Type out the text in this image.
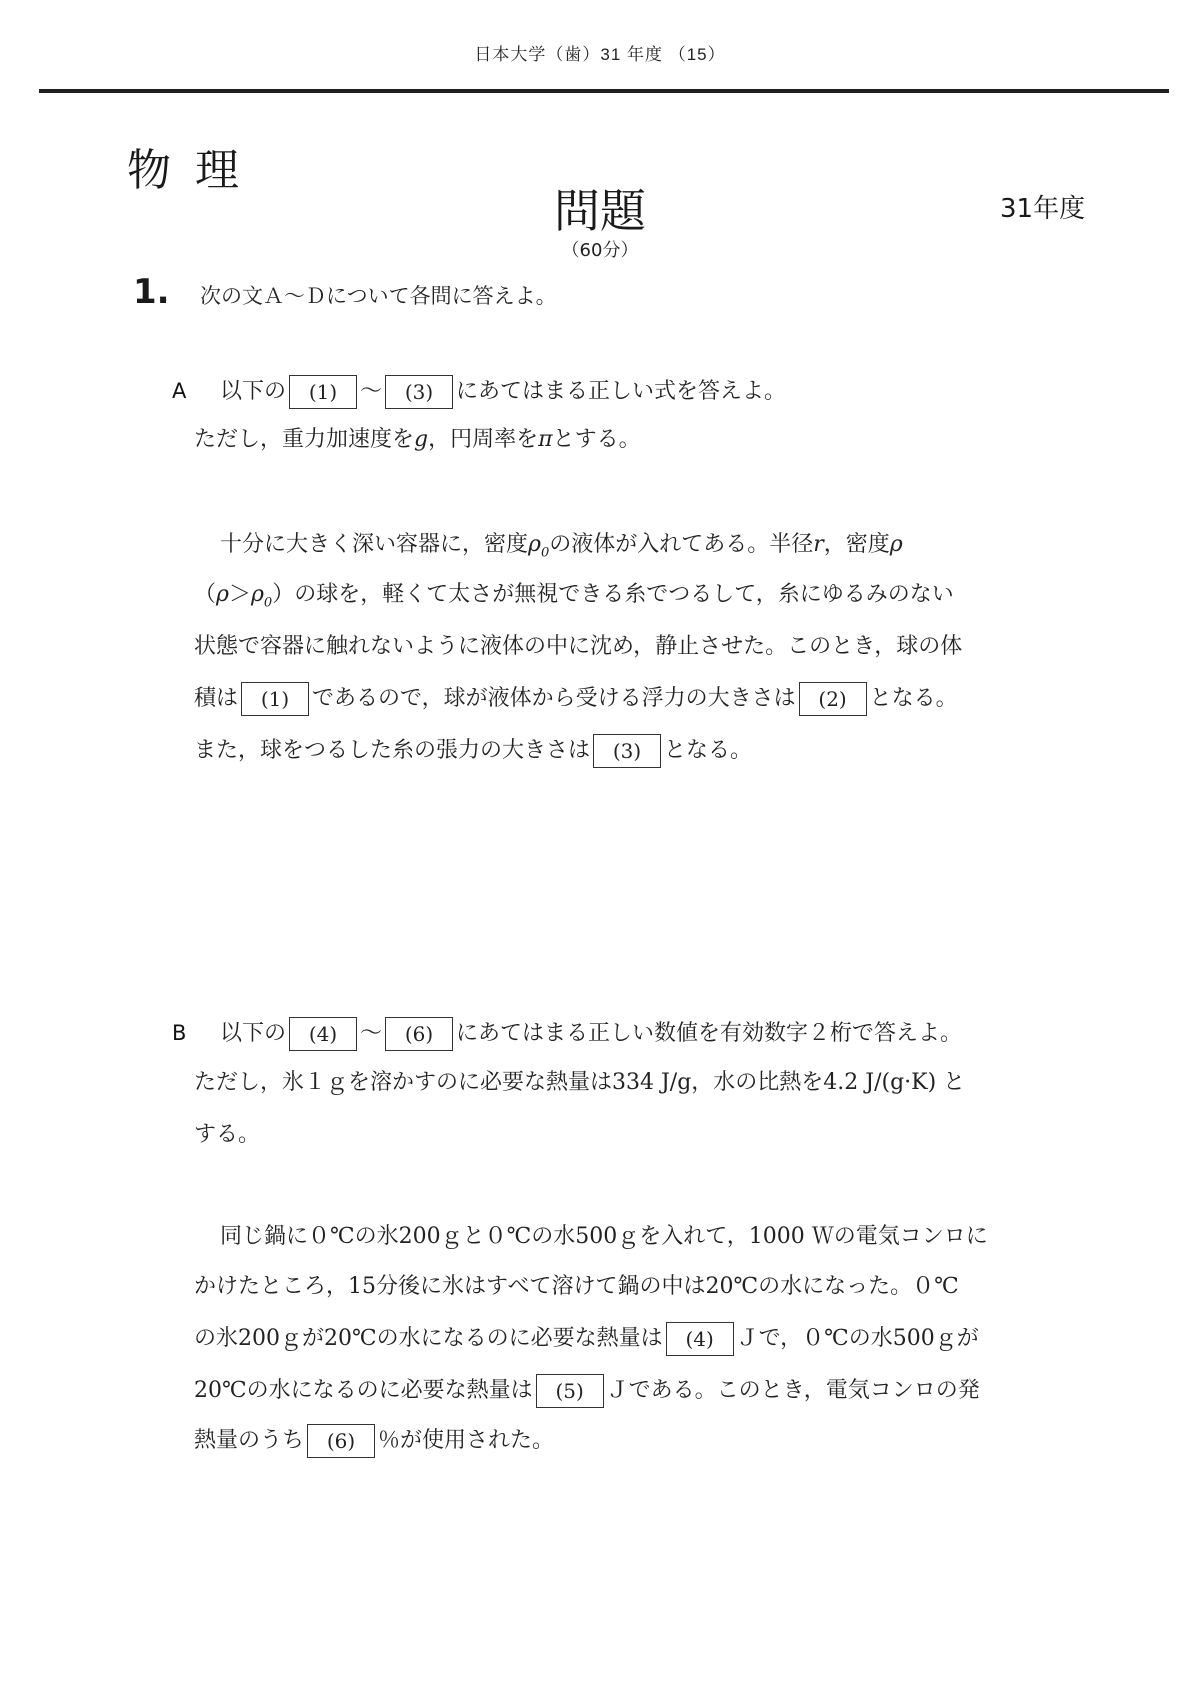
日本大学（歯）31 年度 （15）
物理
問題	31年度
（60分）
1. 次の文Ａ～Ｄについて各問に答えよ。
A 以下の (1) ～ (3) にあてはまる正しい式を答えよ。
ただし，重力加速度をg，円周率をπとする。
十分に大きく深い容器に，密度$\rho_0$の液体が入れてある。半径r，密度ρ
$(\rho>\rho_0)$の球を，軽くて太さが無視できる糸でつるして，糸にゆるみのない
状態で容器に触れないように液体の中に沈め，静止させた。このとき，球の体
積は (1) であるので，球が液体から受ける浮力の大きさは (2) となる。
また，球をつるした糸の張力の大きさは (3) となる。
B 以下の (4) ～ (6) にあてはまる正しい数値を有効数字２桁で答えよ。
ただし，氷１ｇを溶かすのに必要な熱量は334 J/g，水の比熱を4.2 J/(g·K) と
する。
同じ鍋に０℃の氷200ｇと０℃の水500ｇを入れて，1000 Ｗの電気コンロに
かけたところ，15分後に氷はすべて溶けて鍋の中は20℃の水になった。０℃
の氷200ｇが20℃の水になるのに必要な熱量は (4) Ｊで，０℃の水500ｇが
20℃の水になるのに必要な熱量は (5) Ｊである。このとき，電気コンロの発
熱量のうち (6) ％が使用された。
